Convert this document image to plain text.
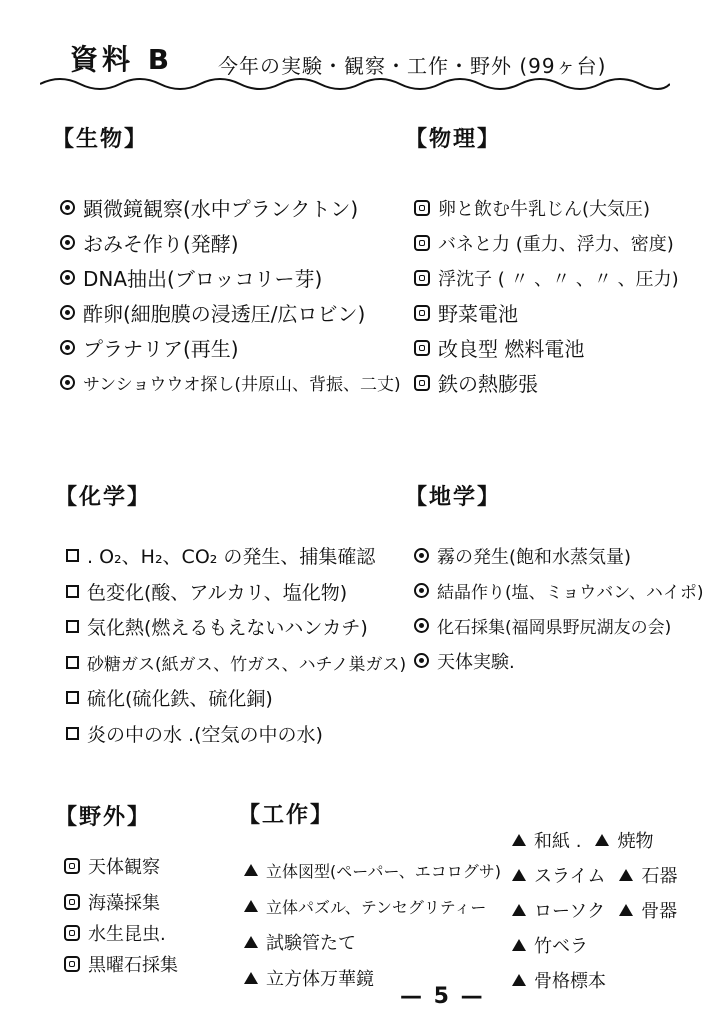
資料 B 今年の実験・観察・工作・野外 (99ヶ台)
【生物】
顕微鏡観察(水中プランクトン)
おみそ作り(発酵)
DNA抽出(ブロッコリー芽)
酢卵(細胞膜の浸透圧/広ロビン)
プラナリア(再生)
サンショウウオ探し(井原山、背振、二丈)
【物理】
卵と飲む牛乳じん(大気圧)
バネと力 (重力、浮力、密度)
浮沈子 ( 〃 、〃 、〃 、圧力)
野菜電池
改良型 燃料電池
鉄の熱膨張
【化学】
. O₂、H₂、CO₂ の発生、捕集確認
色変化(酸、アルカリ、塩化物)
気化熱(燃えるもえないハンカチ)
砂糖ガス(紙ガス、竹ガス、ハチノ巣ガス)
硫化(硫化鉄、硫化銅)
炎の中の水 .(空気の中の水)
【地学】
霧の発生(飽和水蒸気量)
結晶作り(塩、ミョウバン、ハイポ)
化石採集(福岡県野尻湖友の会)
天体実験.
【野外】
天体観察
海藻採集
水生昆虫.
黒曜石採集
【工作】
立体図型(ペーパー、エコログサ)
立体パズル、テンセグリティー
試験管たて
立方体万華鏡
和紙 . 焼物
スライム 石器
ローソク 骨器
竹ベラ
骨格標本
— 5 —
